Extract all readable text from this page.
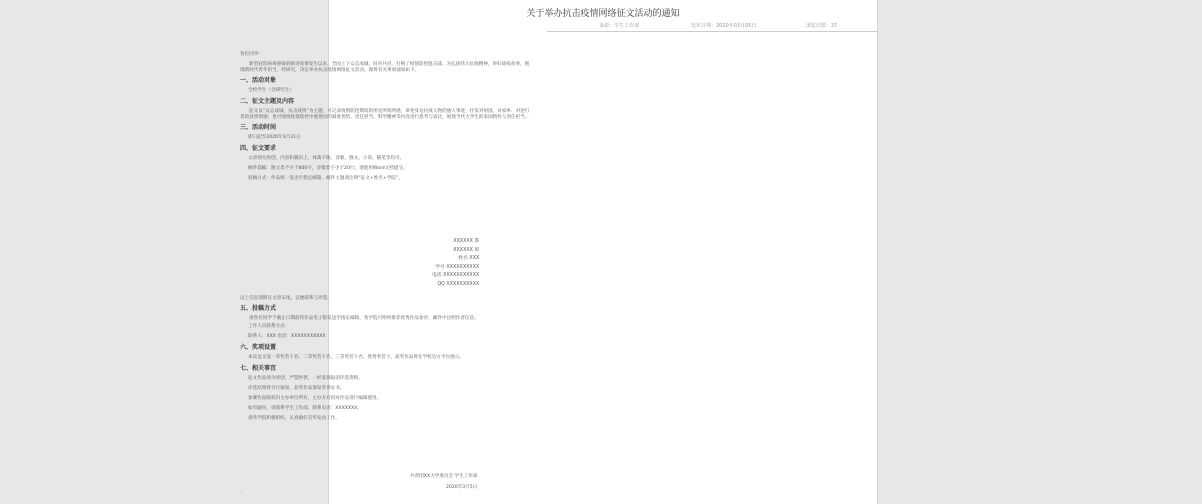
关于举办抗击疫情网络征文活动的通知
来源：学生工作部	发布日期：2020年03月05日	浏览次数：37

各位同学：

新型冠状病毒感染的肺炎疫情发生以来，全国上下众志成城、同舟共济，打响了疫情防控阻击战。为弘扬伟大抗疫精神，讲好战疫故事，展现新时代青年担当，经研究，决定举办抗击疫情网络征文活动。现将有关事项通知如下。

一、活动对象

全校学生（含研究生）

二、征文主题及内容

征文以“众志成城，抗击疫情”为主题，可记录疫情防控期间的所见所闻所感，讲述身边抗疫人物的感人事迹，抒发对祖国、对家乡、对逆行者的真挚情感；也可围绕疫情防控中展现出的制度优势、责任担当、科学精神等内容进行思考与表达，展现当代大学生的家国情怀与责任担当。

三、活动时间

即日起至2020年3月31日

四、征文要求

文章须为原创，内容积极向上，体裁不限，诗歌、散文、小说、随笔等均可。

稿件篇幅：散文类不少于800字，诗歌类不少于20行；请使用Word文档提交。

投稿方式：作品统一发送至指定邮箱，邮件主题请注明“征文+姓名+学院”。

XXXXXX 系
XXXXXX 班
姓名 XXX
学号 XXXXXXXXXX
电话 XXXXXXXXXXX
QQ XXXXXXXXXX

以上信息请附在文章末尾，以便联系与评选。

五、投稿方式

请各位同学于截止日期前将作品电子版发送至指定邮箱，各学院可组织推荐优秀作品参评，邮件中注明作者信息。

工作人员联系方式：

联系人：XXX 电话：XXXXXXXXXXX

六、奖项设置

本次征文设一等奖若干名、二等奖若干名、三等奖若干名，优秀奖若干，获奖作品将在学校官方平台展示。

七、相关事宜

征文作品须为原创，严禁抄袭，一经发现取消评选资格。

评选结果将另行通知，获奖作品颁发荣誉证书。

参赛作品版权归主办单位所有，主办方有权对作品进行编辑使用。

如有疑问，请联系学生工作部，联系电话：XXXXXXX。

请各学院积极组织，认真做好宣传发动工作。

共青团XX大学委员会 学生工作部
2020年3月5日
.
